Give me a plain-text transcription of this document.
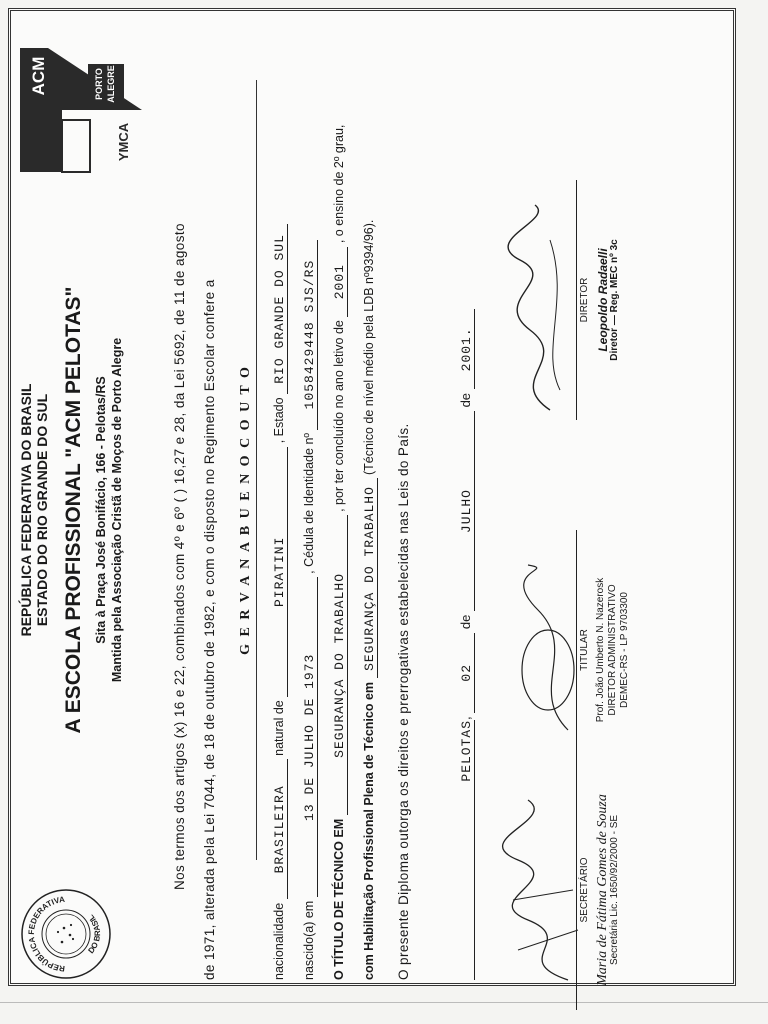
REPÚBLICA FEDERATIVA
DO BRASIL
REPÚBLICA FEDERATIVA DO BRASIL ESTADO DO RIO GRANDE DO SUL A ESCOLA PROFISSIONAL "ACM PELOTAS" Sita à Praça José Bonifácio, 166 - Pelotas/RS Mantida pela Associação Cristã de Moços de Porto Alegre
YMCA
ACM	PORTO ALEGRE
Nos termos dos artigos (x) 16 e 22, combinados com 4º e 6º ( ) 16,27 e 28, da Lei 5692, de 11 de agosto de 1971, alterada pela Lei 7044, de 18 de outubro de 1982, e com o disposto no Regimento Escolar confere a G E R V A N A B U E N O C O U T O
nacionalidade BRASILEIRA natural de PIRATINI , Estado RIO GRANDE DO SUL
nascido(a) em 13 DE JULHO DE 1973 , Cédula de Identidade nº 1058429448 SJS/RS
O TÍTULO DE TÉCNICO EM SEGURANÇA DO TRABALHO , por ter concluído no ano letivo de 2001 , o ensino de 2º grau,
com Habilitação Profissional Plena de Técnico em SEGURANÇA DO TRABALHO (Técnico de nível médio pela LDB nº9394/96).
O presente Diploma outorga os direitos e prerrogativas estabelecidas nas Leis do País.	PELOTAS, 02 de JULHO de 2001.
DIRETOR Leopoldo Radaelli Diretor — Reg. MEC nº 3c
TITULAR Prof. João Umberto N. Nazerosk DIRETOR ADMINISTRATIVO DEMEC-RS - LP 9703300
SECRETÁRIO Maria de Fátima Gomes de Souza Secretária Lic. 1650/92/2000 - SE
